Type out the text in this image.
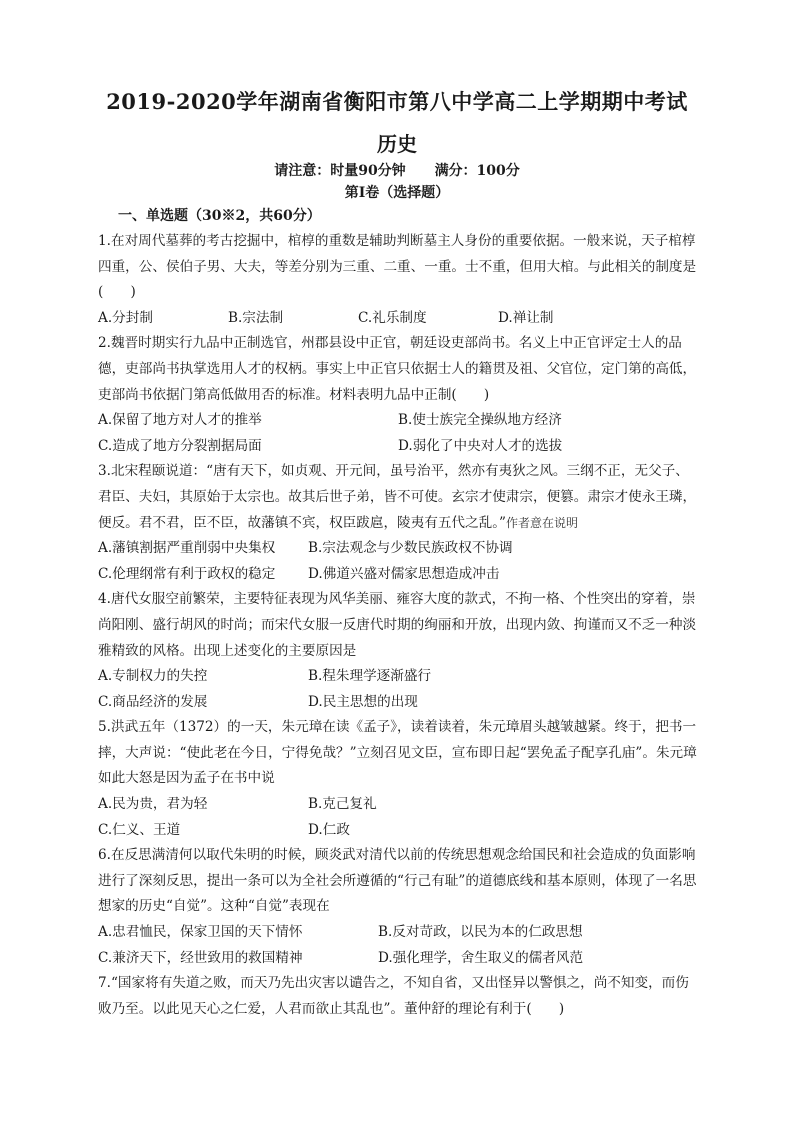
2019-2020学年湖南省衡阳市第八中学高二上学期期中考试
历史
请注意：时量90分钟 满分：100分
第I卷（选择题）
一、单选题（30※2，共60分）

1.在对周代墓葬的考古挖掘中，棺椁的重数是辅助判断墓主人身份的重要依据。一般来说，天子棺椁四重，公、侯伯子男、大夫，等差分别为三重、二重、一重。士不重，但用大棺。与此相关的制度是(　　)

A.分封制	B.宗法制	C.礼乐制度	D.禅让制

2.魏晋时期实行九品中正制选官，州郡县设中正官，朝廷设吏部尚书。名义上中正官评定士人的品德，吏部尚书执掌选用人才的权柄。事实上中正官只依据士人的籍贯及祖、父官位，定门第的高低，吏部尚书依据门第高低做用否的标准。材料表明九品中正制(　　)

A.保留了地方对人才的推举	B.使士族完全操纵地方经济
C.造成了地方分裂割据局面	D.弱化了中央对人才的选拔

3.北宋程颐说道：“唐有天下，如贞观、开元间，虽号治平，然亦有夷狄之风。三纲不正，无父子、君臣、夫妇，其原始于太宗也。故其后世子弟，皆不可使。玄宗才使肃宗，便篡。肃宗才使永王璘，便反。君不君，臣不臣，故藩镇不宾，权臣跋扈，陵夷有五代之乱。”作者意在说明

A.藩镇割据严重削弱中央集权	B.宗法观念与少数民族政权不协调
C.伦理纲常有利于政权的稳定	D.佛道兴盛对儒家思想造成冲击

4.唐代女服空前繁荣，主要特征表现为风华美丽、雍容大度的款式，不拘一格、个性突出的穿着，崇尚阳刚、盛行胡风的时尚；而宋代女服一反唐代时期的绚丽和开放，出现内敛、拘谨而又不乏一种淡雅精致的风格。出现上述变化的主要原因是

A.专制权力的失控	B.程朱理学逐渐盛行
C.商品经济的发展	D.民主思想的出现

5.洪武五年（1372）的一天，朱元璋在读《孟子》，读着读着，朱元璋眉头越皱越紧。终于，把书一摔，大声说：“使此老在今日，宁得免哉？”立刻召见文臣，宣布即日起“罢免孟子配享孔庙”。朱元璋如此大怒是因为孟子在书中说

A.民为贵，君为轻	B.克己复礼
C.仁义、王道	D.仁政

6.在反思满清何以取代朱明的时候，顾炎武对清代以前的传统思想观念给国民和社会造成的负面影响进行了深刻反思，提出一条可以为全社会所遵循的“行己有耻”的道德底线和基本原则，体现了一名思想家的历史“自觉”。这种“自觉”表现在

A.忠君恤民，保家卫国的天下情怀	B.反对苛政，以民为本的仁政思想
C.兼济天下，经世致用的救国精神	D.强化理学，舍生取义的儒者风范

7.“国家将有失道之败，而天乃先出灾害以谴告之，不知自省，又出怪异以警惧之，尚不知变，而伤败乃至。以此见天心之仁爱，人君而欲止其乱也”。董仲舒的理论有利于(　　)
